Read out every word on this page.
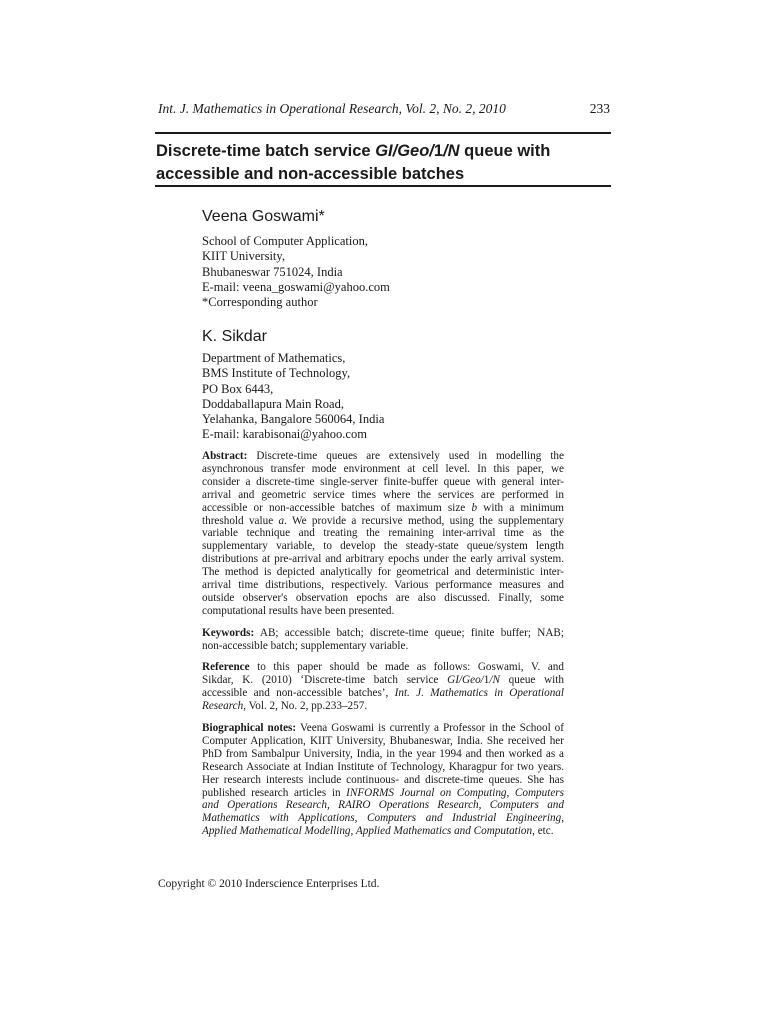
Int. J. Mathematics in Operational Research, Vol. 2, No. 2, 2010	233
Discrete-time batch service GI/Geo/1/N queue with
accessible and non-accessible batches
Veena Goswami*
School of Computer Application,
KIIT University,
Bhubaneswar 751024, India
E-mail: veena_goswami@yahoo.com
*Corresponding author
K. Sikdar
Department of Mathematics,
BMS Institute of Technology,
PO Box 6443,
Doddaballapura Main Road,
Yelahanka, Bangalore 560064, India
E-mail: karabisonai@yahoo.com
Abstract: Discrete-time queues are extensively used in modelling the
asynchronous transfer mode environment at cell level. In this paper, we
consider a discrete-time single-server finite-buffer queue with general inter-
arrival and geometric service times where the services are performed in
accessible or non-accessible batches of maximum size b with a minimum
threshold value a. We provide a recursive method, using the supplementary
variable technique and treating the remaining inter-arrival time as the
supplementary variable, to develop the steady-state queue/system length
distributions at pre-arrival and arbitrary epochs under the early arrival system.
The method is depicted analytically for geometrical and deterministic inter-
arrival time distributions, respectively. Various performance measures and
outside observer's observation epochs are also discussed. Finally, some
computational results have been presented.
Keywords: AB; accessible batch; discrete-time queue; finite buffer; NAB;
non-accessible batch; supplementary variable.
Reference to this paper should be made as follows: Goswami, V. and
Sikdar, K. (2010) ‘Discrete-time batch service GI/Geo/1/N queue with
accessible and non-accessible batches’, Int. J. Mathematics in Operational
Research, Vol. 2, No. 2, pp.233–257.
Biographical notes: Veena Goswami is currently a Professor in the School of
Computer Application, KIIT University, Bhubaneswar, India. She received her
PhD from Sambalpur University, India, in the year 1994 and then worked as a
Research Associate at Indian Institute of Technology, Kharagpur for two years.
Her research interests include continuous- and discrete-time queues. She has
published research articles in INFORMS Journal on Computing, Computers
and Operations Research, RAIRO Operations Research, Computers and
Mathematics with Applications, Computers and Industrial Engineering,
Applied Mathematical Modelling, Applied Mathematics and Computation, etc.
Copyright © 2010 Inderscience Enterprises Ltd.
